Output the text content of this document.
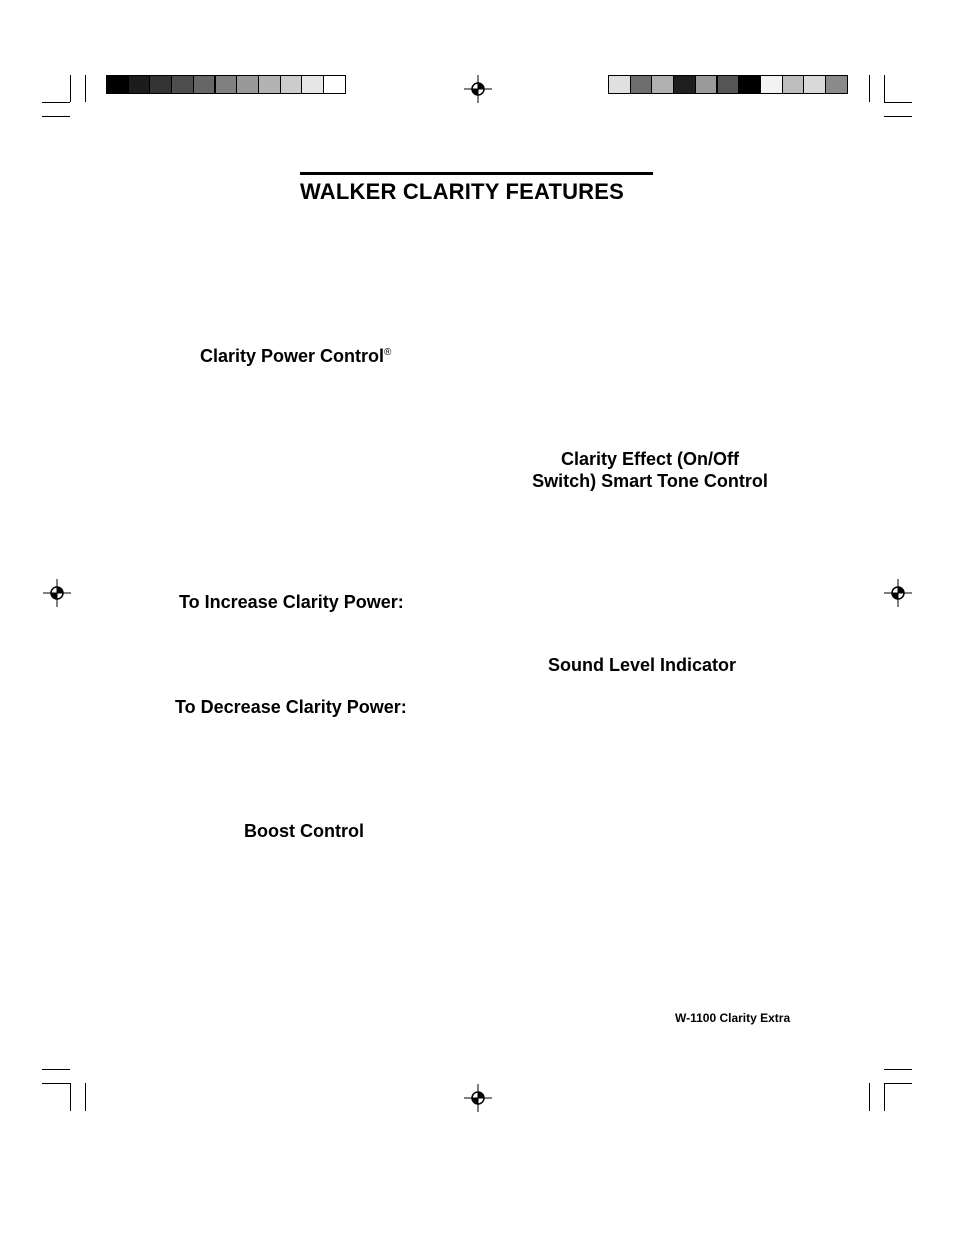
WALKER CLARITY FEATURES
Clarity Power Control®
Clarity Effect (On/Off
Switch) Smart Tone Control
To Increase Clarity Power:
Sound Level Indicator
To Decrease Clarity Power:
Boost Control
W-1100 Clarity Extra
